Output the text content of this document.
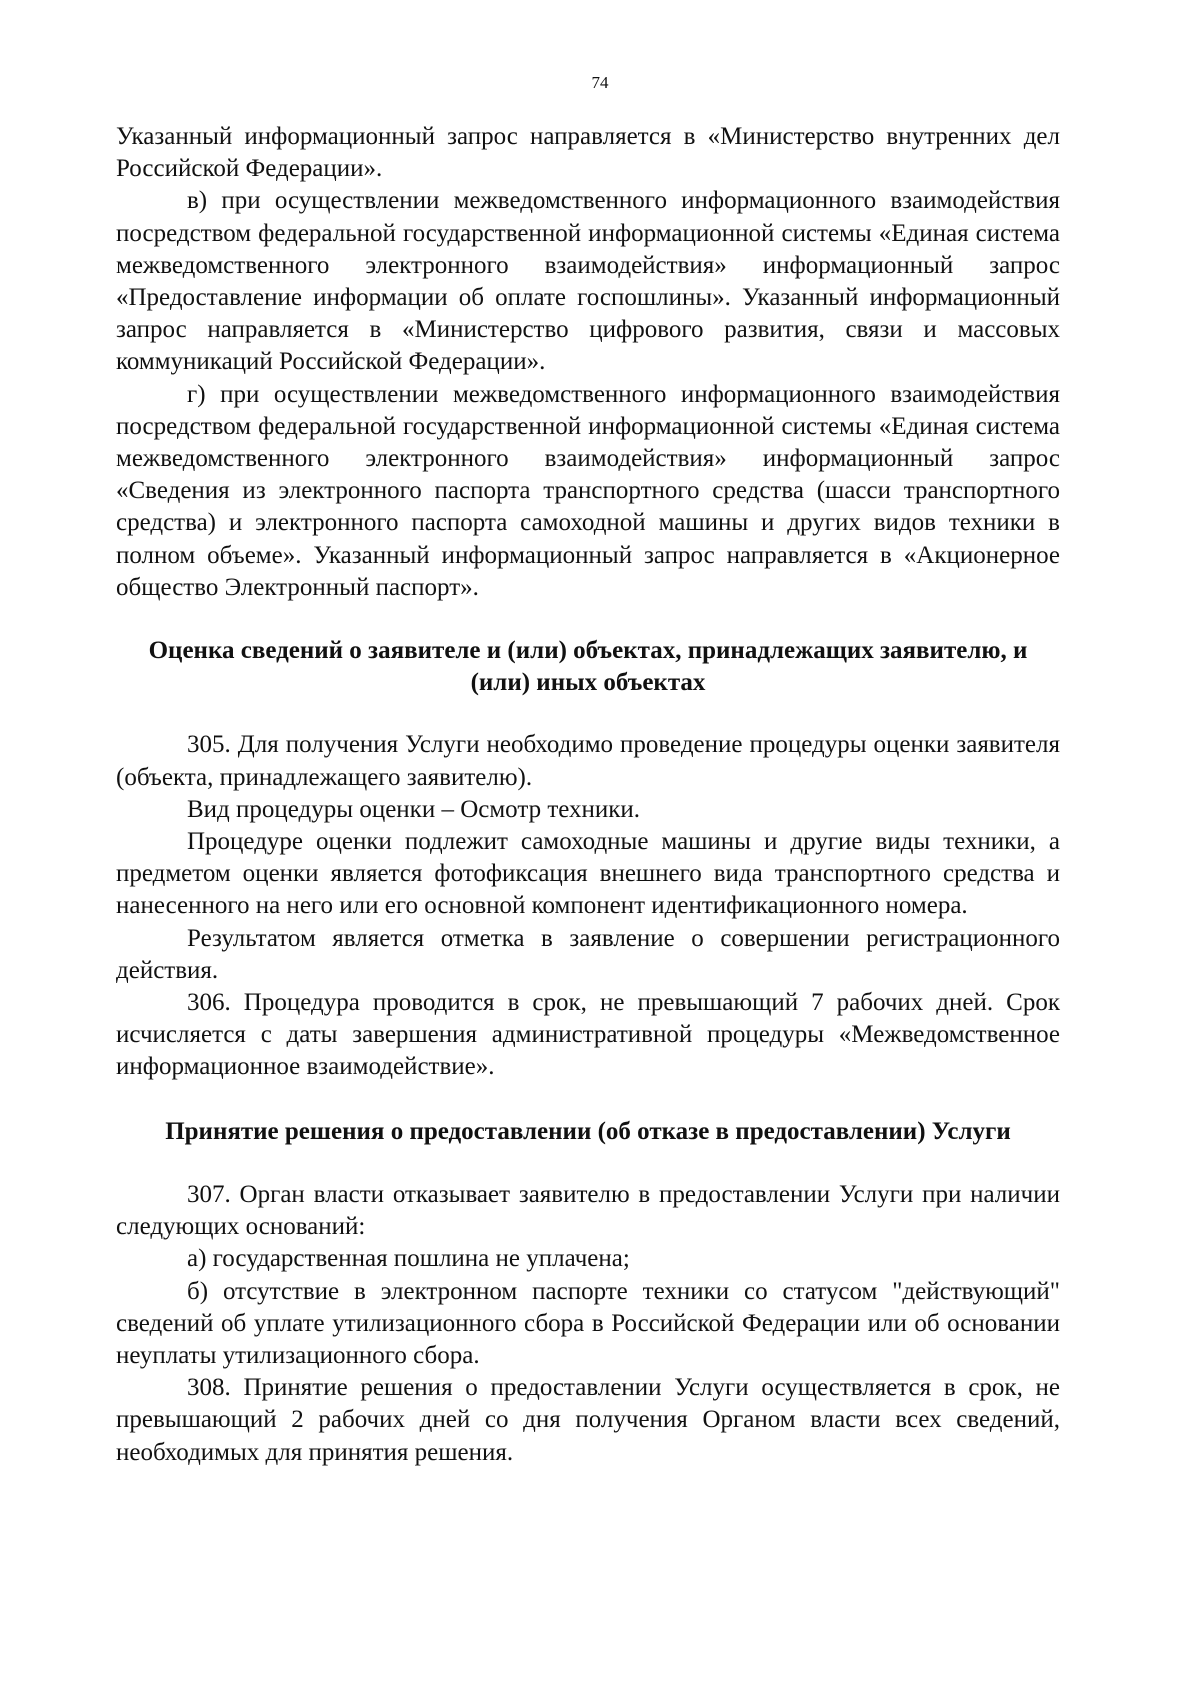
74

Указанный информационный запрос направляется в «Министерство внутренних дел Российской Федерации».

в) при осуществлении межведомственного информационного взаимодействия посредством федеральной государственной информационной системы «Единая система межведомственного электронного взаимодействия» информационный запрос «Предоставление информации об оплате госпошлины». Указанный информационный запрос направляется в «Министерство цифрового развития, связи и массовых коммуникаций Российской Федерации».

г) при осуществлении межведомственного информационного взаимодействия посредством федеральной государственной информационной системы «Единая система межведомственного электронного взаимодействия» информационный запрос «Сведения из электронного паспорта транспортного средства (шасси транспортного средства) и электронного паспорта самоходной машины и других видов техники в полном объеме». Указанный информационный запрос направляется в «Акционерное общество Электронный паспорт».

Оценка сведений о заявителе и (или) объектах, принадлежащих заявителю, и (или) иных объектах

305. Для получения Услуги необходимо проведение процедуры оценки заявителя (объекта, принадлежащего заявителю).

Вид процедуры оценки – Осмотр техники.

Процедуре оценки подлежит самоходные машины и другие виды техники, а предметом оценки является фотофиксация внешнего вида транспортного средства и нанесенного на него или его основной компонент идентификационного номера.

Результатом является отметка в заявление о совершении регистрационного действия.

306. Процедура проводится в срок, не превышающий 7 рабочих дней. Срок исчисляется с даты завершения административной процедуры «Межведомственное информационное взаимодействие».

Принятие решения о предоставлении (об отказе в предоставлении) Услуги

307. Орган власти отказывает заявителю в предоставлении Услуги при наличии следующих оснований:

а) государственная пошлина не уплачена;

б) отсутствие в электронном паспорте техники со статусом "действующий" сведений об уплате утилизационного сбора в Российской Федерации или об основании неуплаты утилизационного сбора.

308. Принятие решения о предоставлении Услуги осуществляется в срок, не превышающий 2 рабочих дней со дня получения Органом власти всех сведений, необходимых для принятия решения.
